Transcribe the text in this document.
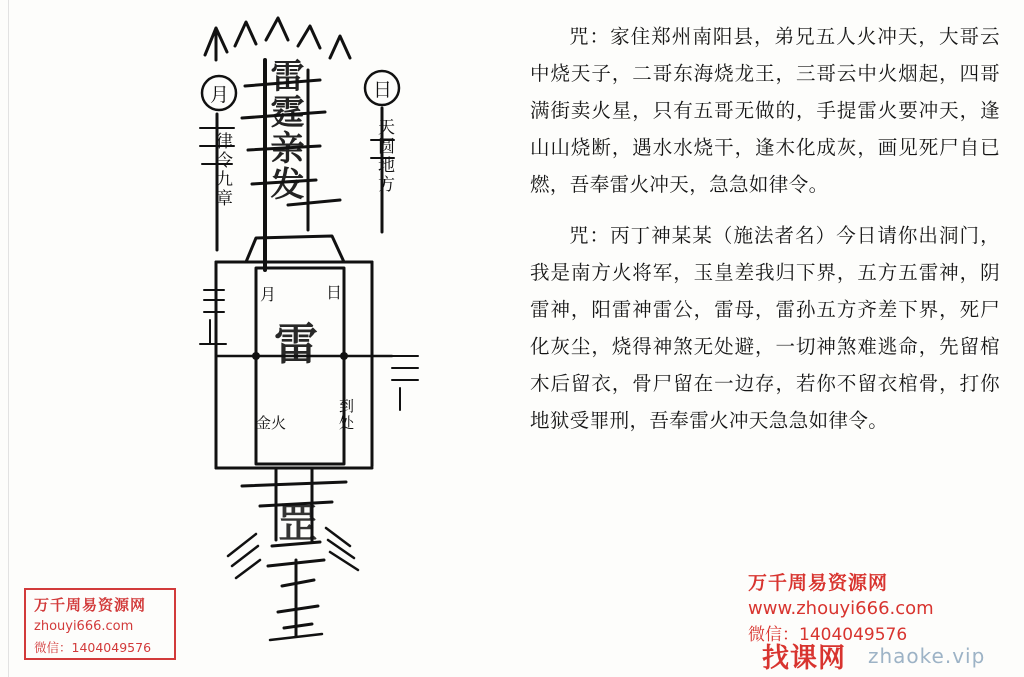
月	日
律令九章	天圆地方
雷霆亲发
月	日
雷
金火	到处
罡

咒：家住郑州南阳县，弟兄五人火冲天，大哥云中烧天子，二哥东海烧龙王，三哥云中火烟起，四哥满街卖火星，只有五哥无做的，手提雷火要冲天，逢山山烧断，遇水水烧干，逢木化成灰，画见死尸自已燃，吾奉雷火冲天，急急如律令。

咒：丙丁神某某（施法者名）今日请你出洞门，我是南方火将军，玉皇差我归下界，五方五雷神，阴雷神，阳雷神雷公，雷母，雷孙五方齐差下界，死尸化灰尘，烧得神煞无处避，一切神煞难逃命，先留棺木后留衣，骨尸留在一边存，若你不留衣棺骨，打你地狱受罪刑，吾奉雷火冲天急急如律令。

万千周易资源网
zhouyi666.com
微信：1404049576
万千周易资源网
www.zhouyi666.com
微信：1404049576
找课网 zhaoke.vip
